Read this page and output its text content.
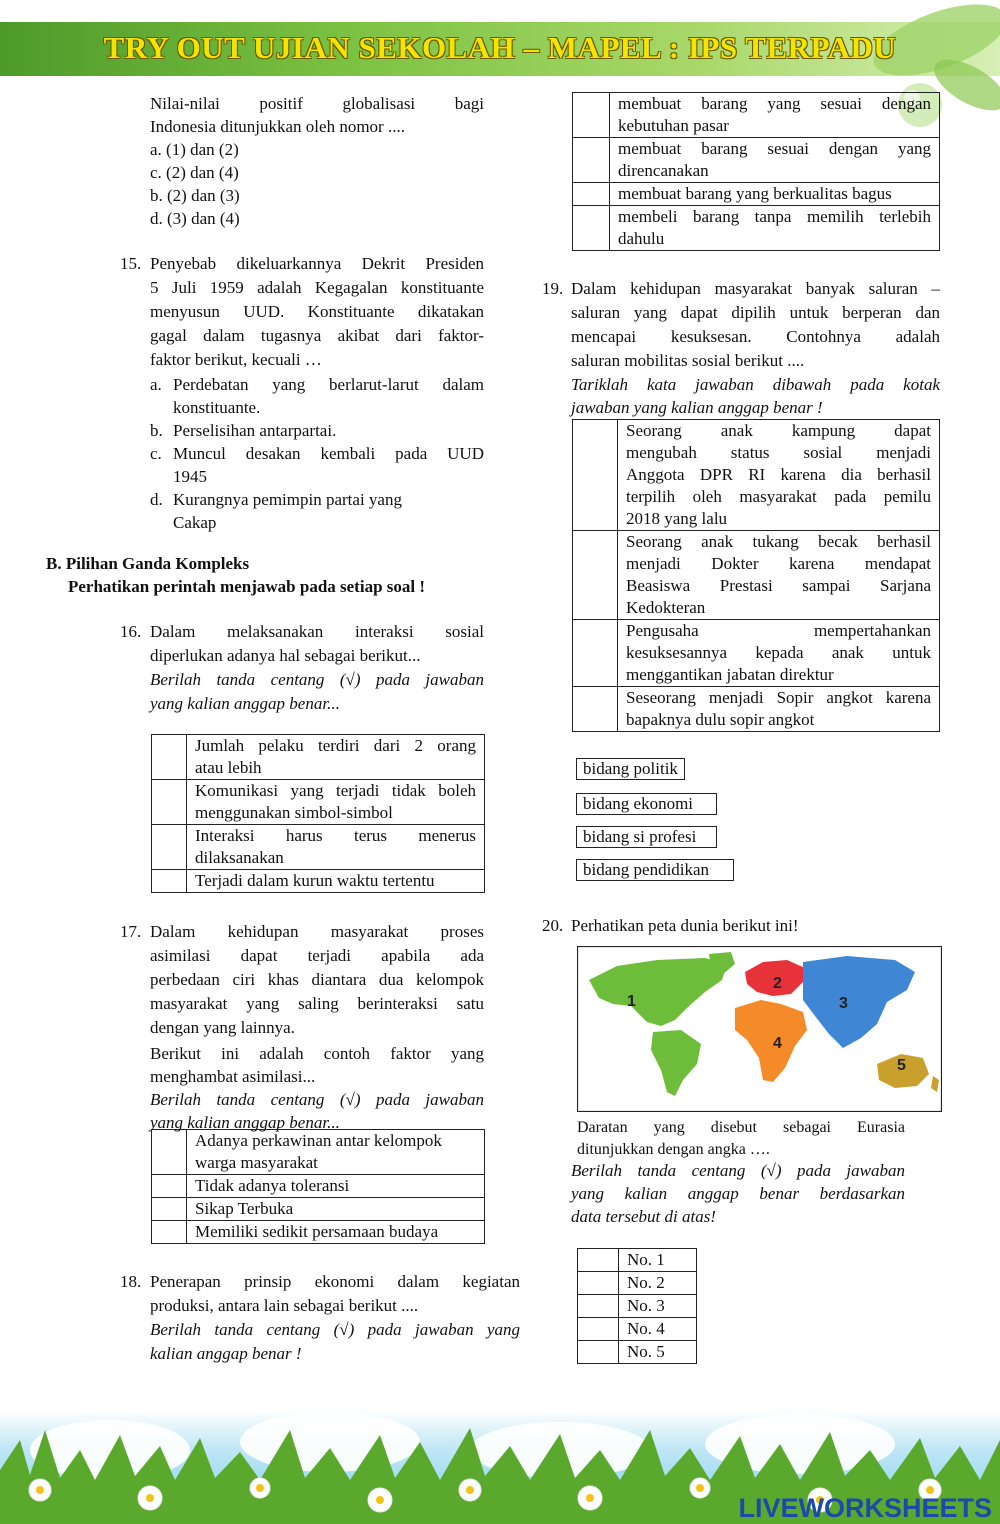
TRY OUT UJIAN SEKOLAH – MAPEL : IPS TERPADU

Nilai-nilai positif globalisasi bagi

Indonesia ditunjukkan oleh nomor ....

a. (1) dan (2)

c. (2) dan (4)

b. (2) dan (3)

d. (3) dan (4)

15. Penyebab dikeluarkannya Dekrit Presiden

5 Juli 1959 adalah Kegagalan konstituante

menyusun UUD. Konstituante dikatakan

gagal dalam tugasnya akibat dari faktor-

faktor berikut, kecuali …

a. Perdebatan yang berlarut-larut dalam

konstituante.

b. Perselisihan antarpartai.

c. Muncul desakan kembali pada UUD

1945

d. Kurangnya pemimpin partai yang

Cakap

B. Pilihan Ganda Kompleks
Perhatikan perintah menjawab pada setiap soal !
16. Dalam melaksanakan interaksi sosial

diperlukan adanya hal sebagai berikut...

Berilah tanda centang (√) pada jawaban

yang kalian anggap benar...

	Jumlah pelaku terdiri dari 2 orang
atau lebih

	Komunikasi yang terjadi tidak boleh
menggunakan simbol-simbol

	Interaksi harus terus menerus
dilaksanakan

	Terjadi dalam kurun waktu tertentu
17. Dalam kehidupan masyarakat proses

asimilasi dapat terjadi apabila ada

perbedaan ciri khas diantara dua kelompok

masyarakat yang saling berinteraksi satu

dengan yang lainnya.

Berikut ini adalah contoh faktor yang

menghambat asimilasi...

Berilah tanda centang (√) pada jawaban

yang kalian anggap benar...

	Adanya perkawinan antar kelompok
warga masyarakat

	Tidak adanya toleransi

	Sikap Terbuka

	Memiliki sedikit persamaan budaya
18. Penerapan prinsip ekonomi dalam kegiatan

produksi, antara lain sebagai berikut ....

Berilah tanda centang (√) pada jawaban yang

kalian anggap benar !

	membuat barang yang sesuai dengan
kebutuhan pasar

	membuat barang sesuai dengan yang
direncanakan

	membuat barang yang berkualitas bagus

	membeli barang tanpa memilih terlebih
dahulu
19. Dalam kehidupan masyarakat banyak saluran –

saluran yang dapat dipilih untuk berperan dan

mencapai kesuksesan. Contohnya adalah

saluran mobilitas sosial berikut ....

Tariklah kata jawaban dibawah pada kotak

jawaban yang kalian anggap benar !

	Seorang anak kampung dapat
mengubah status sosial menjadi
Anggota DPR RI karena dia berhasil
terpilih oleh masyarakat pada pemilu
2018 yang lalu

	Seorang anak tukang becak berhasil
menjadi Dokter karena mendapat
Beasiswa Prestasi sampai Sarjana
Kedokteran

	Pengusaha mempertahankan
kesuksesannya kepada anak untuk
menggantikan jabatan direktur

	Seseorang menjadi Sopir angkot karena
bapaknya dulu sopir angkot
bidang politik
bidang ekonomi
bidang si profesi
bidang pendidikan
20. Perhatikan peta dunia berikut ini!
1
2
3
4
5

Daratan yang disebut sebagai Eurasia

ditunjukkan dengan angka ….

Berilah tanda centang (√) pada jawaban

yang kalian anggap benar berdasarkan

data tersebut di atas!

	No. 1
	No. 2
	No. 3
	No. 4
	No. 5
LIVEWORKSHEETS
